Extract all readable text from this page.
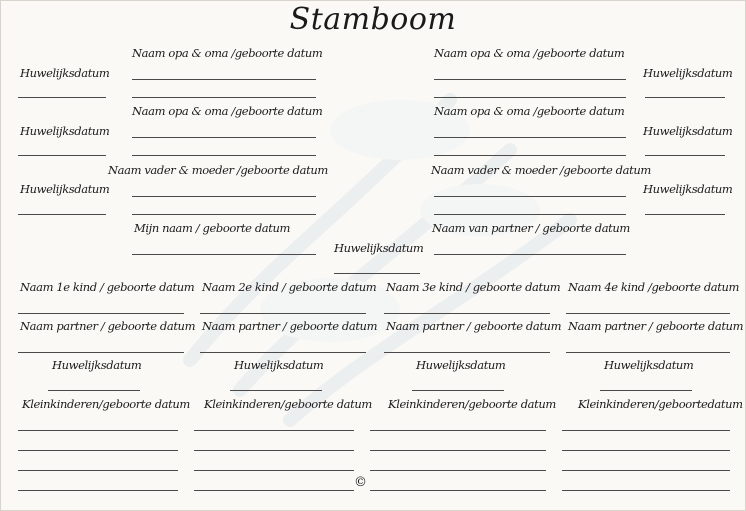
Stamboom
Naam opa & oma /geboorte datum
Huwelijksdatum
Naam opa & oma /geboorte datum
Huwelijksdatum
Naam opa & oma /geboorte datum
Huwelijksdatum
Naam opa & oma /geboorte datum
Huwelijksdatum
Naam vader & moeder /geboorte datum
Huwelijksdatum
Naam vader & moeder /geboorte datum
Huwelijksdatum
Mijn naam / geboorte datum	Naam van partner / geboorte datum
Huwelijksdatum
Naam 1e kind / geboorte datum
Naam partner / geboorte datum
Huwelijksdatum
Naam 2e kind / geboorte datum
Naam partner / geboorte datum
Huwelijksdatum
Naam 3e kind / geboorte datum
Naam partner / geboorte datum
Huwelijksdatum
Naam 4e kind /geboorte datum
Naam partner / geboorte datum
Huwelijksdatum
Kleinkinderen/geboorte datum Kleinkinderen/geboorte datum Kleinkinderen/geboorte datum Kleinkinderen/geboortedatum
©
